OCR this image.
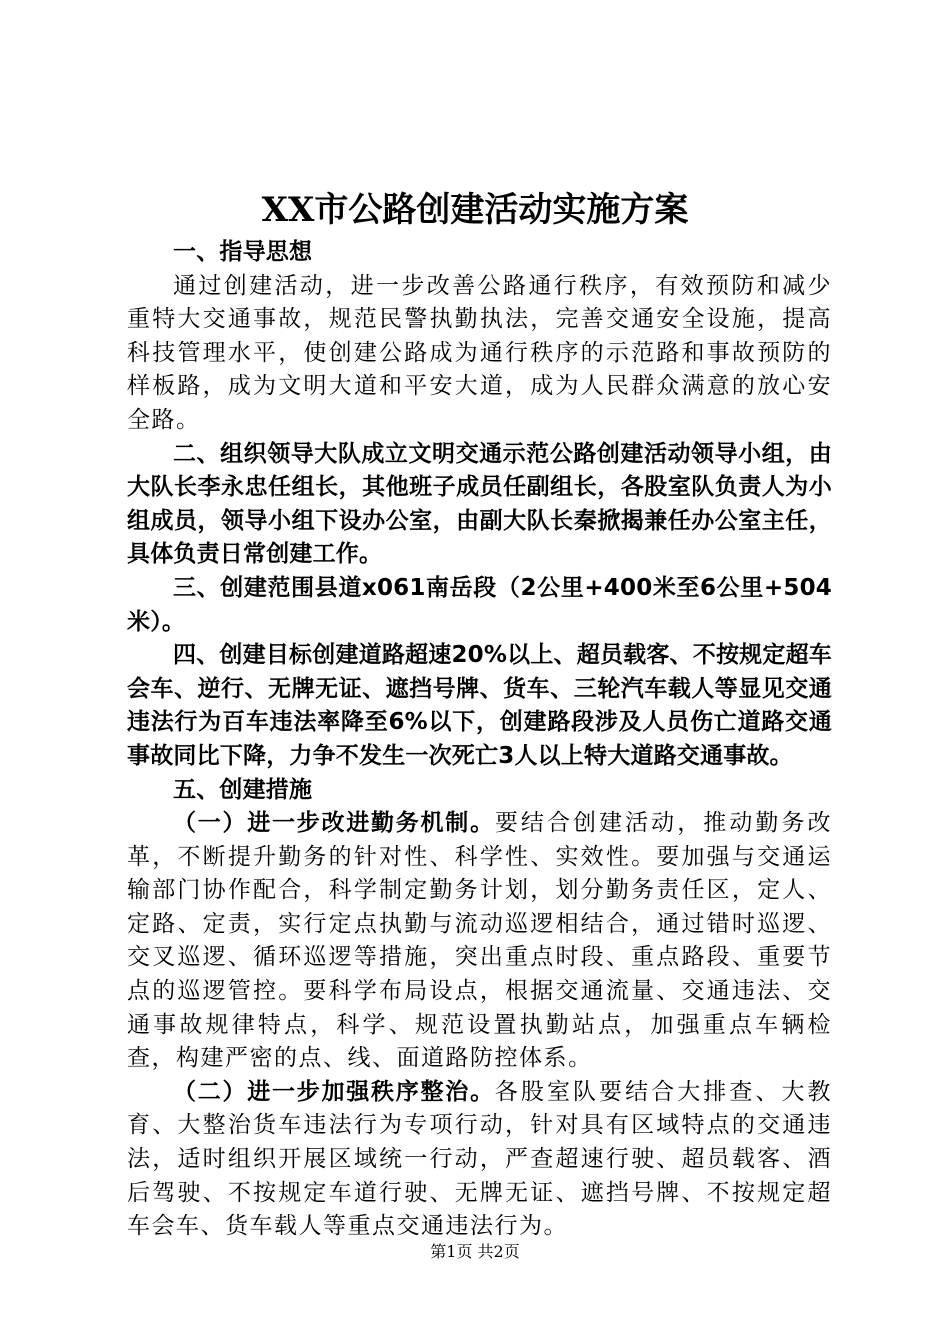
XX市公路创建活动实施方案

一、指导思想

通过创建活动，进一步改善公路通行秩序，有效预防和减少重特大交通事故，规范民警执勤执法，完善交通安全设施，提高科技管理水平，使创建公路成为通行秩序的示范路和事故预防的样板路，成为文明大道和平安大道，成为人民群众满意的放心安全路。

二、组织领导大队成立文明交通示范公路创建活动领导小组，由大队长李永忠任组长，其他班子成员任副组长，各股室队负责人为小组成员，领导小组下设办公室，由副大队长秦掀揭兼任办公室主任，具体负责日常创建工作。

三、创建范围县道x061南岳段（2公里+400米至6公里+504米）。

四、创建目标创建道路超速20%以上、超员载客、不按规定超车会车、逆行、无牌无证、遮挡号牌、货车、三轮汽车载人等显见交通违法行为百车违法率降至6%以下，创建路段涉及人员伤亡道路交通事故同比下降，力争不发生一次死亡3人以上特大道路交通事故。

五、创建措施

（一）进一步改进勤务机制。要结合创建活动，推动勤务改革，不断提升勤务的针对性、科学性、实效性。要加强与交通运输部门协作配合，科学制定勤务计划，划分勤务责任区，定人、定路、定责，实行定点执勤与流动巡逻相结合，通过错时巡逻、交叉巡逻、循环巡逻等措施，突出重点时段、重点路段、重要节点的巡逻管控。要科学布局设点，根据交通流量、交通违法、交通事故规律特点，科学、规范设置执勤站点，加强重点车辆检查，构建严密的点、线、面道路防控体系。

（二）进一步加强秩序整治。各股室队要结合大排查、大教育、大整治货车违法行为专项行动，针对具有区域特点的交通违法，适时组织开展区域统一行动，严查超速行驶、超员载客、酒后驾驶、不按规定车道行驶、无牌无证、遮挡号牌、不按规定超车会车、货车载人等重点交通违法行为。

第1页 共2页
